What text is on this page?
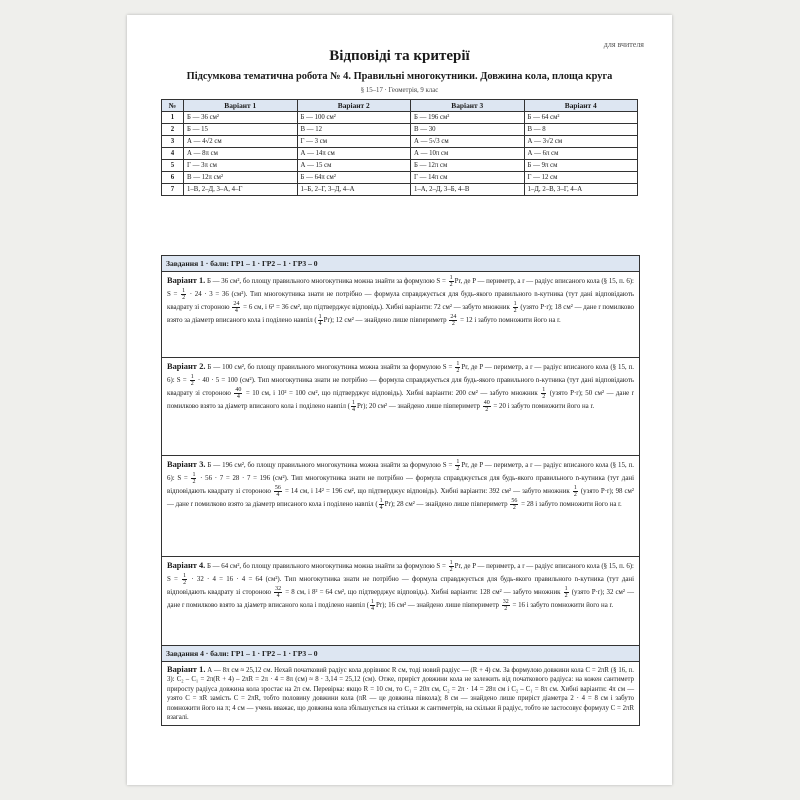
для вчителя
Відповіді та критерії
Підсумкова тематична робота № 4. Правильні многокутники. Довжина кола, площа круга
§ 15–17 · Геометрія, 9 клас
№	Варіант 1	Варіант 2	Варіант 3	Варіант 4
1	Б — 36 см²	Б — 100 см²	Б — 196 см²	Б — 64 см²
2	Б — 15	В — 12	В — 30	В — 8
3	А — 4√2 см	Г — 3 см	А — 5√3 см	А — 3√2 см
4	А — 8π см	А — 14π см	А — 10π см	А — 6π см
5	Г — 3π см	А — 15 см	Б — 12π см	Б — 9π см
6	В — 12π см²	Б — 64π см²	Г — 14π см	Г — 12 см
7	1–В, 2–Д, 3–А, 4–Г	1–Б, 2–Г, 3–Д, 4–А	1–А, 2–Д, 3–Б, 4–В	1–Д, 2–В, 3–Г, 4–А
Завдання 1 · бали: ГР1 – 1 · ГР2 – 1 · ГР3 – 0
Варіант 1. Б — 36 см², бо площу правильного многокутника можна знайти за формулою $S = \frac{1}{2} Pr$, де P — периметр, а r — радіус вписаного кола (§ 15, п. 6): $S = \frac{1}{2} \cdot 24 \cdot 3 = 36$ (см²). Тип многокутника знати не потрібно — формула справджується для будь-якого правильного n-кутника (тут дані відповідають квадрату зі стороною $\frac{24}{4} = 6$ см, і 6² = 36 см², що підтверджує відповідь). Хибні варіанти: 72 см² — забуто множник $\frac{1}{2}$ (узято P·r); 18 см² — дане r помилково взято за діаметр вписаного кола і поділено навпіл ( $\frac{1}{4} Pr$); 12 см² — знайдено лише півпериметр $\frac{24}{2} = 12$ і забуто помножити його на r.
Варіант 2. Б — 100 см², бо площу правильного многокутника можна знайти за формулою $S = \frac{1}{2} Pr$, де P — периметр, а r — радіус вписаного кола (§ 15, п. 6): $S = \frac{1}{2} \cdot 40 \cdot 5 = 100$ (см²). Тип многокутника знати не потрібно — формула справджується для будь-якого правильного n-кутника (тут дані відповідають квадрату зі стороною $\frac{40}{4} = 10$ см, і 10² = 100 см², що підтверджує відповідь). Хибні варіанти: 200 см² — забуто множник $\frac{1}{2}$ (узято P·r); 50 см² — дане r помилково взято за діаметр вписаного кола і поділено навпіл ( $\frac{1}{4} Pr$); 20 см² — знайдено лише півпериметр $\frac{40}{2} = 20$ і забуто помножити його на r.
Варіант 3. Б — 196 см², бо площу правильного многокутника можна знайти за формулою $S = \frac{1}{2} Pr$, де P — периметр, а r — радіус вписаного кола (§ 15, п. 6): $S = \frac{1}{2} \cdot 56 \cdot 7 = 28 \cdot 7 = 196$ (см²). Тип многокутника знати не потрібно — формула справджується для будь-якого правильного n-кутника (тут дані відповідають квадрату зі стороною $\frac{56}{4} = 14$ см, і 14² = 196 см², що підтверджує відповідь). Хибні варіанти: 392 см² — забуто множник $\frac{1}{2}$ (узято P·r); 98 см² — дане r помилково взято за діаметр вписаного кола і поділено навпіл ( $\frac{1}{4} Pr$); 28 см² — знайдено лише півпериметр $\frac{56}{2} = 28$ і забуто помножити його на r.
Варіант 4. Б — 64 см², бо площу правильного многокутника можна знайти за формулою $S = \frac{1}{2} Pr$, де P — периметр, а r — радіус вписаного кола (§ 15, п. 6): $S = \frac{1}{2} \cdot 32 \cdot 4 = 16 \cdot 4 = 64$ (см²). Тип многокутника знати не потрібно — формула справджується для будь-якого правильного n-кутника (тут дані відповідають квадрату зі стороною $\frac{32}{4} = 8$ см, і 8² = 64 см², що підтверджує відповідь). Хибні варіанти: 128 см² — забуто множник $\frac{1}{2}$ (узято P·r); 32 см² — дане r помилково взято за діаметр вписаного кола і поділено навпіл ( $\frac{1}{4} Pr$); 16 см² — знайдено лише півпериметр $\frac{32}{2} = 16$ і забуто помножити його на r.
Завдання 4 · бали: ГР1 – 1 · ГР2 – 1 · ГР3 – 0
Варіант 1. А — 8π см ≈ 25,12 см. Нехай початковий радіус кола дорівнює R см, тоді новий радіус — (R + 4) см. За формулою довжини кола C = 2πR (§ 16, п. 3): C₂ – C₁ = 2π(R + 4) – 2πR = 2π · 4 = 8π (см) ≈ 8 · 3,14 = 25,12 (см). Отже, приріст довжини кола не залежить від початкового радіуса: на кожен сантиметр приросту радіуса довжина кола зростає на 2π см. Перевірка: якщо R = 10 см, то C₁ = 20π см, C₂ = 2π · 14 = 28π см і C₂ – C₁ = 8π см. Хибні варіанти: 4π см — узято C = πR замість C = 2πR, тобто половину довжини кола (πR — це довжина півкола); 8 см — знайдено лише приріст діаметра 2 · 4 = 8 см і забуто помножити його на π; 4 см — учень вважає, що довжина кола збільшується на стільки ж сантиметрів, на скільки й радіус, тобто не застосовує формулу C = 2πR взагалі.
